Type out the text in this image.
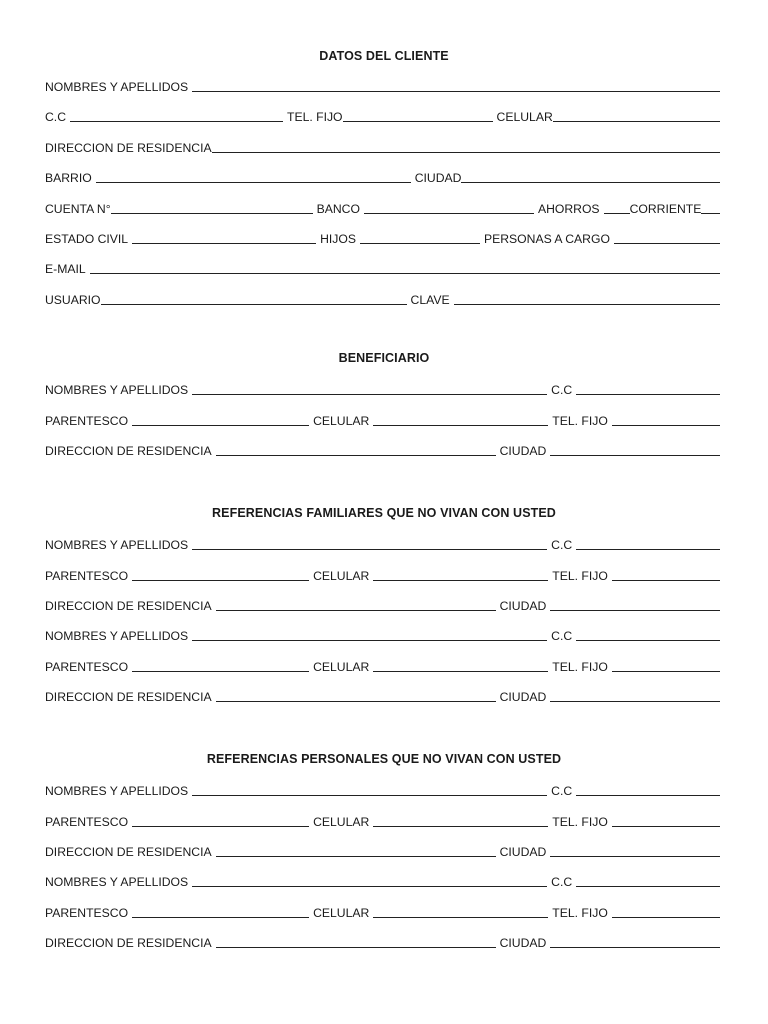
DATOS DEL CLIENTE
NOMBRES Y APELLIDOS
C.C	TEL. FIJO	CELULAR
DIRECCION DE RESIDENCIA
BARRIO	CIUDAD
CUENTA N°	BANCO	AHORROS CORRIENTE
ESTADO CIVIL	HIJOS	PERSONAS A CARGO
E-MAIL
USUARIO	CLAVE
BENEFICIARIO
NOMBRES Y APELLIDOS	C.C
PARENTESCO	CELULAR	TEL. FIJO
DIRECCION DE RESIDENCIA	CIUDAD
REFERENCIAS FAMILIARES QUE NO VIVAN CON USTED
NOMBRES Y APELLIDOS	C.C
PARENTESCO	CELULAR	TEL. FIJO
DIRECCION DE RESIDENCIA	CIUDAD
NOMBRES Y APELLIDOS	C.C
PARENTESCO	CELULAR	TEL. FIJO
DIRECCION DE RESIDENCIA	CIUDAD
REFERENCIAS PERSONALES QUE NO VIVAN CON USTED
NOMBRES Y APELLIDOS	C.C
PARENTESCO	CELULAR	TEL. FIJO
DIRECCION DE RESIDENCIA	CIUDAD
NOMBRES Y APELLIDOS	C.C
PARENTESCO	CELULAR	TEL. FIJO
DIRECCION DE RESIDENCIA	CIUDAD
